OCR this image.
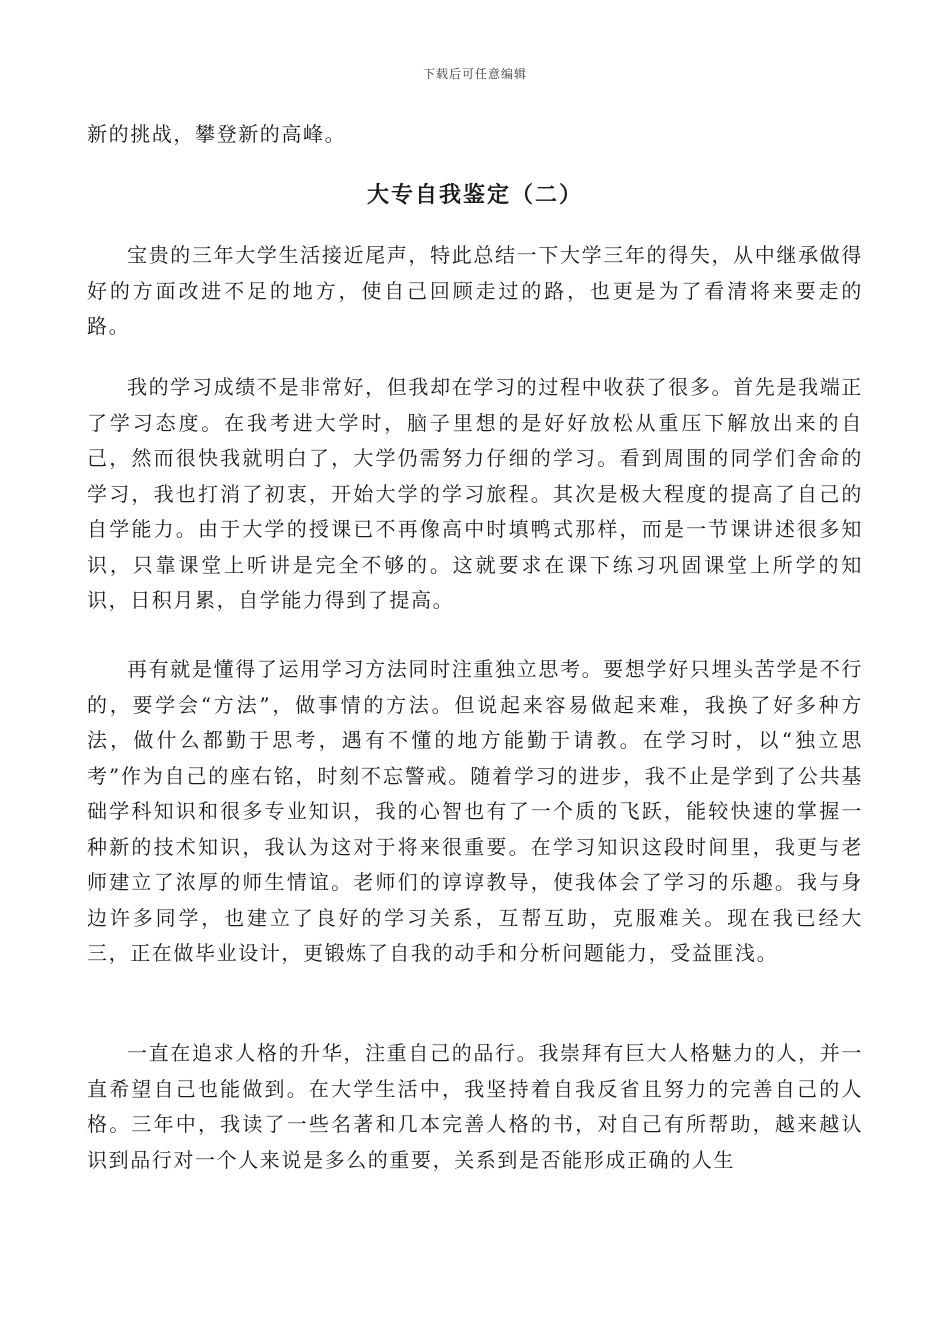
下载后可任意编辑
新的挑战，攀登新的高峰。
大专自我鉴定（二）

宝贵的三年大学生活接近尾声，特此总结一下大学三年的得失，从中继承做得好的方面改进不足的地方，使自己回顾走过的路，也更是为了看清将来要走的路。

我的学习成绩不是非常好，但我却在学习的过程中收获了很多。首先是我端正了学习态度。在我考进大学时，脑子里想的是好好放松从重压下解放出来的自己，然而很快我就明白了，大学仍需努力仔细的学习。看到周围的同学们舍命的学习，我也打消了初衷，开始大学的学习旅程。其次是极大程度的提高了自己的自学能力。由于大学的授课已不再像高中时填鸭式那样，而是一节课讲述很多知识，只靠课堂上听讲是完全不够的。这就要求在课下练习巩固课堂上所学的知识，日积月累，自学能力得到了提高。

再有就是懂得了运用学习方法同时注重独立思考。要想学好只埋头苦学是不行的，要学会“方法”，做事情的方法。但说起来容易做起来难，我换了好多种方法，做什么都勤于思考，遇有不懂的地方能勤于请教。在学习时，以“独立思考”作为自己的座右铭，时刻不忘警戒。随着学习的进步，我不止是学到了公共基础学科知识和很多专业知识，我的心智也有了一个质的飞跃，能较快速的掌握一种新的技术知识，我认为这对于将来很重要。在学习知识这段时间里，我更与老师建立了浓厚的师生情谊。老师们的谆谆教导，使我体会了学习的乐趣。我与身边许多同学，也建立了良好的学习关系，互帮互助，克服难关。现在我已经大三，正在做毕业设计，更锻炼了自我的动手和分析问题能力，受益匪浅。

一直在追求人格的升华，注重自己的品行。我崇拜有巨大人格魅力的人，并一直希望自己也能做到。在大学生活中，我坚持着自我反省且努力的完善自己的人格。三年中，我读了一些名著和几本完善人格的书，对自己有所帮助，越来越认识到品行对一个人来说是多么的重要，关系到是否能形成正确的人生
